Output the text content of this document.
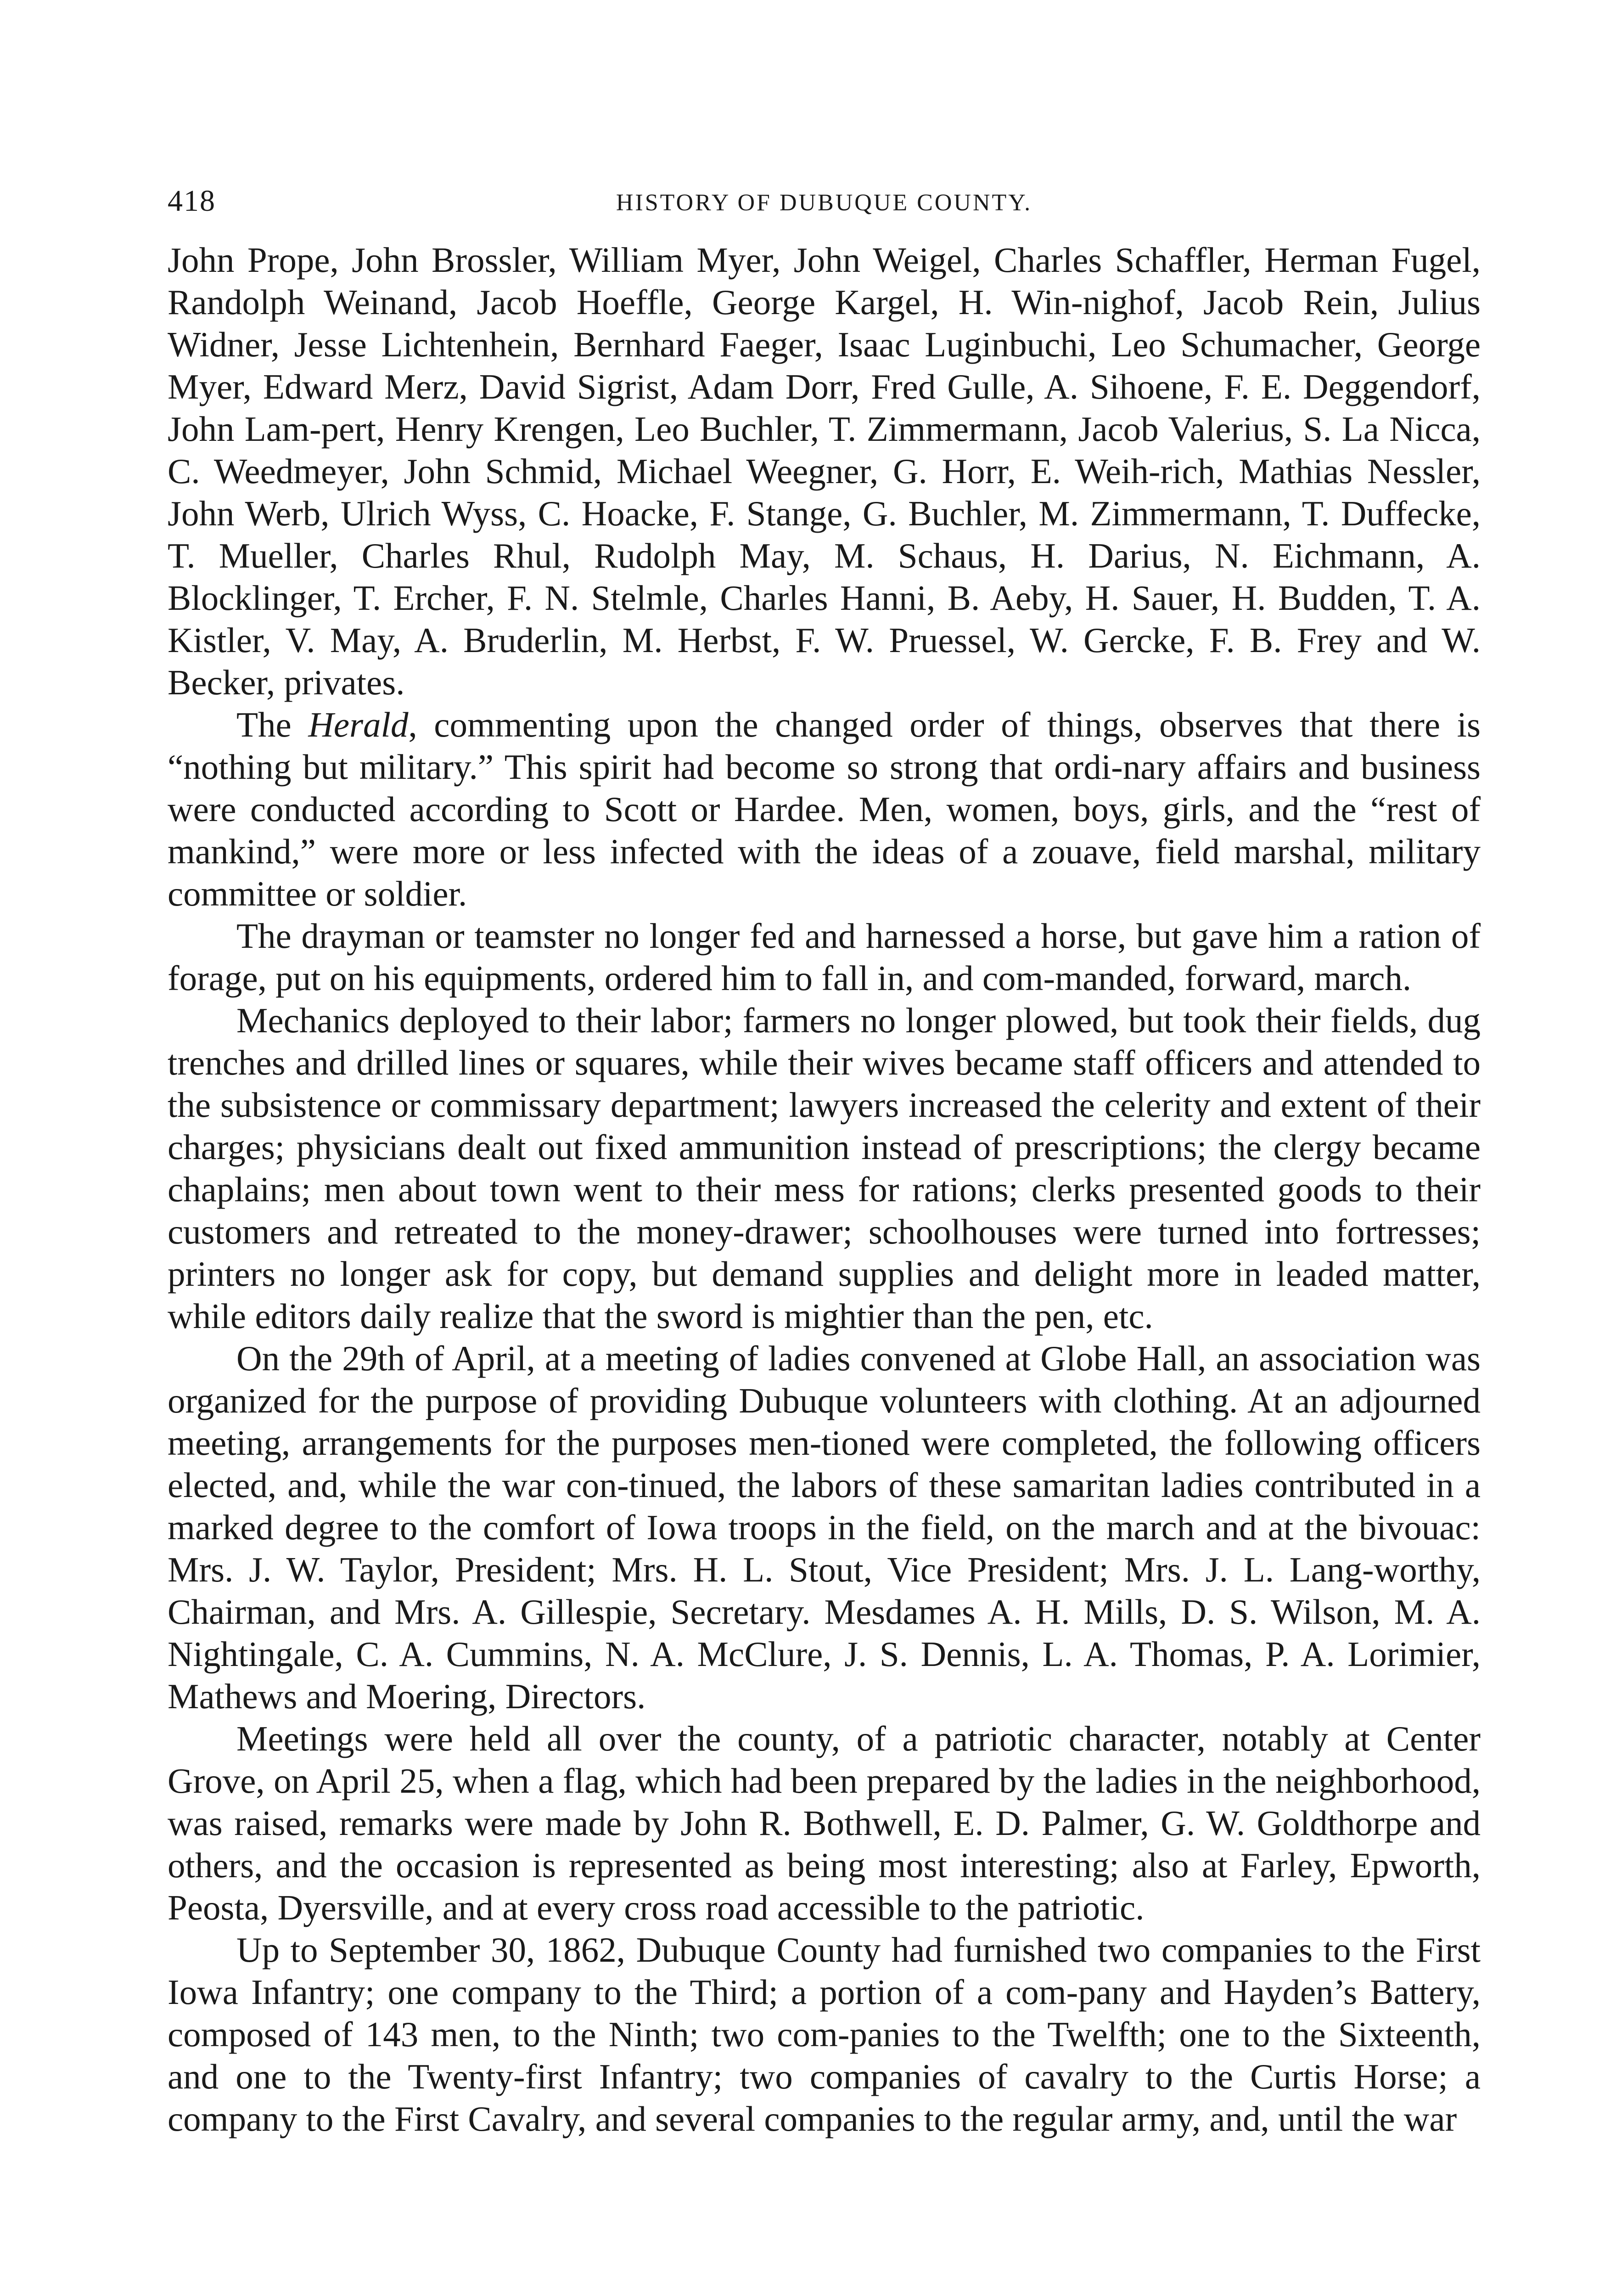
418	HISTORY OF DUBUQUE COUNTY.

John Prope, John Brossler, William Myer, John Weigel, Charles Schaffler, Herman Fugel, Randolph Weinand, Jacob Hoeffle, George Kargel, H. Win-nighof, Jacob Rein, Julius Widner, Jesse Lichtenhein, Bernhard Faeger, Isaac Luginbuchi, Leo Schumacher, George Myer, Edward Merz, David Sigrist, Adam Dorr, Fred Gulle, A. Sihoene, F. E. Deggendorf, John Lam-pert, Henry Krengen, Leo Buchler, T. Zimmermann, Jacob Valerius, S. La Nicca, C. Weedmeyer, John Schmid, Michael Weegner, G. Horr, E. Weih-rich, Mathias Nessler, John Werb, Ulrich Wyss, C. Hoacke, F. Stange, G. Buchler, M. Zimmermann, T. Duffecke, T. Mueller, Charles Rhul, Rudolph May, M. Schaus, H. Darius, N. Eichmann, A. Blocklinger, T. Ercher, F. N. Stelmle, Charles Hanni, B. Aeby, H. Sauer, H. Budden, T. A. Kistler, V. May, A. Bruderlin, M. Herbst, F. W. Pruessel, W. Gercke, F. B. Frey and W. Becker, privates.

The Herald, commenting upon the changed order of things, observes that there is “nothing but military.” This spirit had become so strong that ordi-nary affairs and business were conducted according to Scott or Hardee. Men, women, boys, girls, and the “rest of mankind,” were more or less infected with the ideas of a zouave, field marshal, military committee or soldier.

The drayman or teamster no longer fed and harnessed a horse, but gave him a ration of forage, put on his equipments, ordered him to fall in, and com-manded, forward, march.

Mechanics deployed to their labor; farmers no longer plowed, but took their fields, dug trenches and drilled lines or squares, while their wives became staff officers and attended to the subsistence or commissary department; lawyers increased the celerity and extent of their charges; physicians dealt out fixed ammunition instead of prescriptions; the clergy became chaplains; men about town went to their mess for rations; clerks presented goods to their customers and retreated to the money-drawer; schoolhouses were turned into fortresses; printers no longer ask for copy, but demand supplies and delight more in leaded matter, while editors daily realize that the sword is mightier than the pen, etc.

On the 29th of April, at a meeting of ladies convened at Globe Hall, an association was organized for the purpose of providing Dubuque volunteers with clothing. At an adjourned meeting, arrangements for the purposes men-tioned were completed, the following officers elected, and, while the war con-tinued, the labors of these samaritan ladies contributed in a marked degree to the comfort of Iowa troops in the field, on the march and at the bivouac: Mrs. J. W. Taylor, President; Mrs. H. L. Stout, Vice President; Mrs. J. L. Lang-worthy, Chairman, and Mrs. A. Gillespie, Secretary. Mesdames A. H. Mills, D. S. Wilson, M. A. Nightingale, C. A. Cummins, N. A. McClure, J. S. Dennis, L. A. Thomas, P. A. Lorimier, Mathews and Moering, Directors.

Meetings were held all over the county, of a patriotic character, notably at Center Grove, on April 25, when a flag, which had been prepared by the ladies in the neighborhood, was raised, remarks were made by John R. Bothwell, E. D. Palmer, G. W. Goldthorpe and others, and the occasion is represented as being most interesting; also at Farley, Epworth, Peosta, Dyersville, and at every cross road accessible to the patriotic.

Up to September 30, 1862, Dubuque County had furnished two companies to the First Iowa Infantry; one company to the Third; a portion of a com-pany and Hayden’s Battery, composed of 143 men, to the Ninth; two com-panies to the Twelfth; one to the Sixteenth, and one to the Twenty-first Infantry; two companies of cavalry to the Curtis Horse; a company to the First Cavalry, and several companies to the regular army, and, until the war
